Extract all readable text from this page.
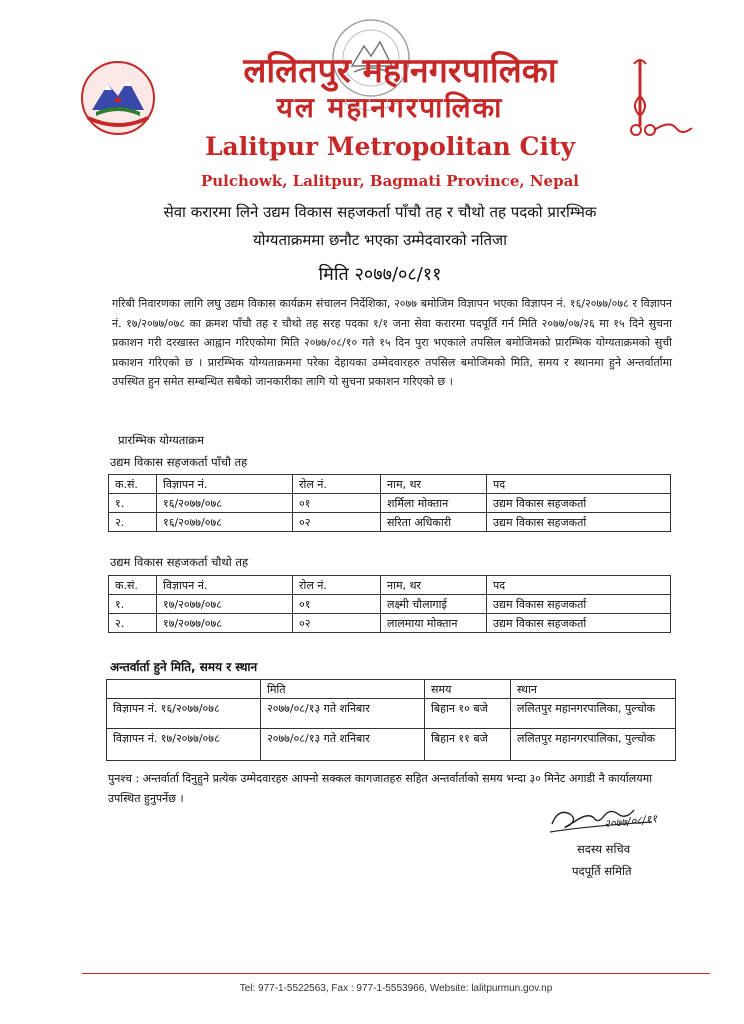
ललितपुर महानगरपालिका
यल महानगरपालिका
Lalitpur Metropolitan City
Pulchowk, Lalitpur, Bagmati Province, Nepal
सेवा करारमा लिने उद्यम विकास सहजकर्ता पाँचौ तह र चौथो तह पदको प्रारम्भिक
योग्यताक्रममा छनौट भएका उम्मेदवारको नतिजा
मिति २०७७/०८/११
गरिबी निवारणका लागि लघु उद्यम विकास कार्यक्रम संचालन निर्देशिका, २०७७ बमोजिम विज्ञापन भएका विज्ञापन नं. १६/२०७७/०७८ र विज्ञापन नं. १७/२०७७/०७८ का क्रमश पाँचौ तह र चौथो तह सरह पदका १/१ जना सेवा करारमा पदपूर्ति गर्न मिति २०७७/०७/२६ मा १५ दिने सुचना प्रकाशन गरी दरखास्त आह्वान गरिएकोमा मिति २०७७/०८/१० गते १५ दिन पुरा भएकाले तपसिल बमोजिमको प्रारम्भिक योग्यताक्रमको सुची प्रकाशन गरिएको छ । प्रारम्भिक योग्यताक्रममा परेका देहायका उम्मेदवारहरु तपसिल बमोजिमको मिति, समय र स्थानमा हुने अन्तर्वार्तामा उपस्थित हुन समेत सम्बन्धित सबैको जानकारीका लागि यो सुचना प्रकाशन गरिएको छ ।
प्रारम्भिक योग्यताक्रम
उद्यम विकास सहजकर्ता पाँचौ तह
क.सं.	विज्ञापन नं.	रोल नं.	नाम, थर	पद
१.	१६/२०७७/०७८	०१	शर्मिला मोक्तान	उद्यम विकास सहजकर्ता
२.	१६/२०७७/०७८	०२	सरिता अधिकारी	उद्यम विकास सहजकर्ता
उद्यम विकास सहजकर्ता चौथो तह
क.सं.	विज्ञापन नं.	रोल नं.	नाम, थर	पद
१.	१७/२०७७/०७८	०१	लक्ष्मी चौलागाई	उद्यम विकास सहजकर्ता
२.	१७/२०७७/०७८	०२	लालमाया मोक्तान	उद्यम विकास सहजकर्ता
अन्तर्वार्ता हुने मिति, समय र स्थान
	मिति	समय	स्थान
विज्ञापन नं. १६/२०७७/०७८	२०७७/०८/१३ गते शनिबार	बिहान १० बजे	ललितपुर महानगरपालिका, पुल्चोक
विज्ञापन नं. १७/२०७७/०७८	२०७७/०८/१३ गते शनिबार	बिहान ११ बजे	ललितपुर महानगरपालिका, पुल्चोक
पुनश्च : अन्तर्वार्ता दिनुहुने प्रत्येक उम्मेदवारहरु आफ्नो सक्कल कागजातहरु सहित अन्तर्वार्ताको समय भन्दा ३० मिनेट अगाडी नै कार्यालयमा उपस्थित हुनुपर्नेछ ।
२०७७/०८/११
सदस्य सचिव
पदपूर्ति समिति
Tel: 977-1-5522563, Fax : 977-1-5553966, Website: lalitpurmun.gov.np
